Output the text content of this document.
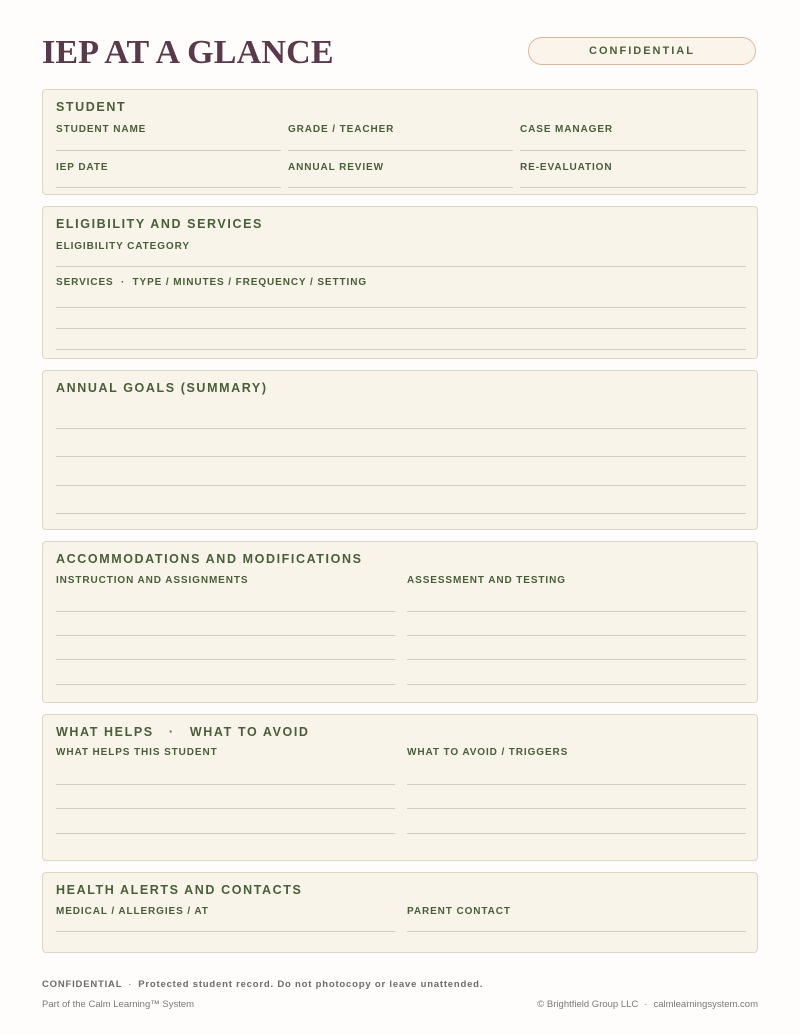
IEP AT A GLANCE	CONFIDENTIAL
STUDENT
STUDENT NAME	GRADE / TEACHER	CASE MANAGER
IEP DATE	ANNUAL REVIEW	RE-EVALUATION
ELIGIBILITY AND SERVICES
ELIGIBILITY CATEGORY
SERVICES  ·  TYPE / MINUTES / FREQUENCY / SETTING
ANNUAL GOALS (SUMMARY)
ACCOMMODATIONS AND MODIFICATIONS
INSTRUCTION AND ASSIGNMENTS	ASSESSMENT AND TESTING
WHAT HELPS   ·   WHAT TO AVOID
WHAT HELPS THIS STUDENT	WHAT TO AVOID / TRIGGERS
HEALTH ALERTS AND CONTACTS
MEDICAL / ALLERGIES / AT	PARENT CONTACT
CONFIDENTIAL · Protected student record. Do not photocopy or leave unattended.
Part of the Calm Learning™ System	© Brightfield Group LLC · calmlearningsystem.com
